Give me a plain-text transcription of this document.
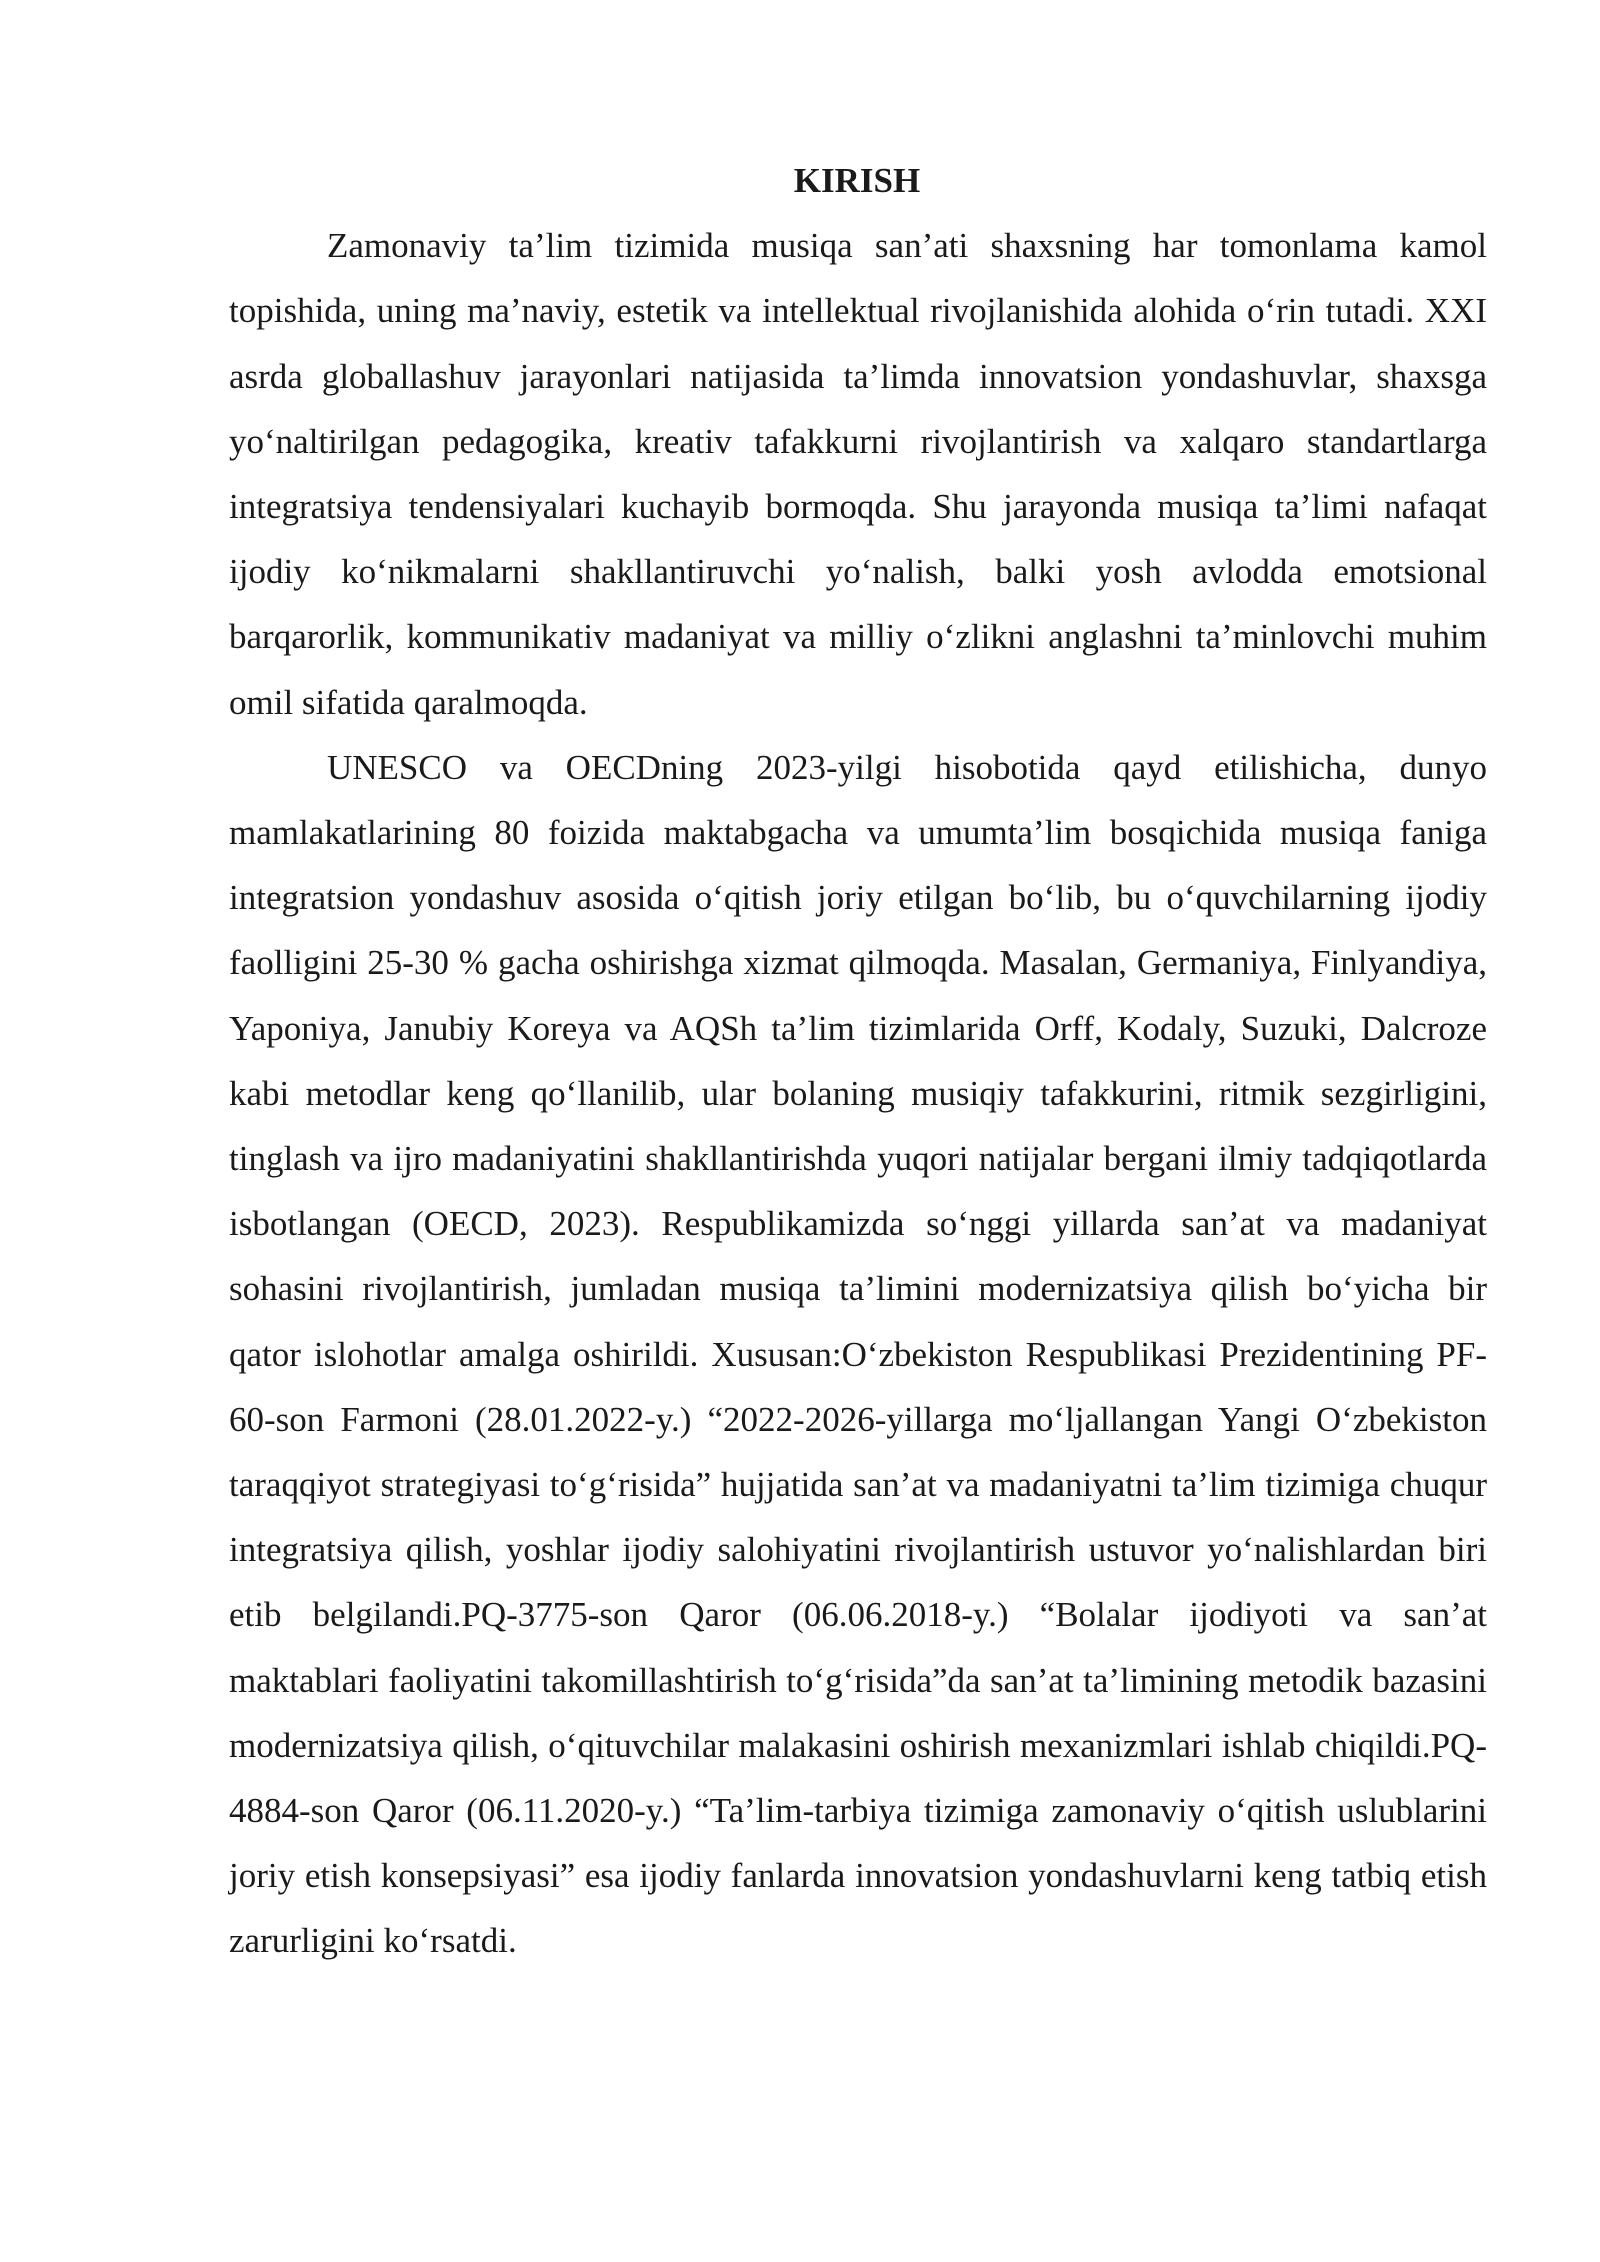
KIRISH

Zamonaviy ta’lim tizimida musiqa san’ati shaxsning har tomonlama kamol topishida, uning ma’naviy, estetik va intellektual rivojlanishida alohida o‘rin tutadi. XXI asrda globallashuv jarayonlari natijasida ta’limda innovatsion yondashuvlar, shaxsga yo‘naltirilgan pedagogika, kreativ tafakkurni rivojlantirish va xalqaro standartlarga integratsiya tendensiyalari kuchayib bormoqda. Shu jarayonda musiqa ta’limi nafaqat ijodiy ko‘nikmalarni shakllantiruvchi yo‘nalish, balki yosh avlodda emotsional barqarorlik, kommunikativ madaniyat va milliy o‘zlikni anglashni ta’minlovchi muhim omil sifatida qaralmoqda.

UNESCO va OECDning 2023-yilgi hisobotida qayd etilishicha, dunyo mamlakatlarining 80 foizida maktabgacha va umumta’lim bosqichida musiqa faniga integratsion yondashuv asosida o‘qitish joriy etilgan bo‘lib, bu o‘quvchilarning ijodiy faolligini 25-30 % gacha oshirishga xizmat qilmoqda. Masalan, Germaniya, Finlyandiya, Yaponiya, Janubiy Koreya va AQSh ta’lim tizimlarida Orff, Kodaly, Suzuki, Dalcroze kabi metodlar keng qo‘llanilib, ular bolaning musiqiy tafakkurini, ritmik sezgirligini, tinglash va ijro madaniyatini shakllantirishda yuqori natijalar bergani ilmiy tadqiqotlarda isbotlangan (OECD, 2023). Respublikamizda so‘nggi yillarda san’at va madaniyat sohasini rivojlantirish, jumladan musiqa ta’limini modernizatsiya qilish bo‘yicha bir qator islohotlar amalga oshirildi. Xususan:O‘zbekiston Respublikasi Prezidentining PF-60-son Farmoni (28.01.2022-y.) “2022-2026-yillarga mo‘ljallangan Yangi O‘zbekiston taraqqiyot strategiyasi to‘g‘risida” hujjatida san’at va madaniyatni ta’lim tizimiga chuqur integratsiya qilish, yoshlar ijodiy salohiyatini rivojlantirish ustuvor yo‘nalishlardan biri etib belgilandi.PQ-3775-son Qaror (06.06.2018-y.) “Bolalar ijodiyoti va san’at maktablari faoliyatini takomillashtirish to‘g‘risida”da san’at ta’limining metodik bazasini modernizatsiya qilish, o‘qituvchilar malakasini oshirish mexanizmlari ishlab chiqildi.PQ-4884-son Qaror (06.11.2020-y.) “Ta’lim-tarbiya tizimiga zamonaviy o‘qitish uslublarini joriy etish konsepsiyasi” esa ijodiy fanlarda innovatsion yondashuvlarni keng tatbiq etish zarurligini ko‘rsatdi.
